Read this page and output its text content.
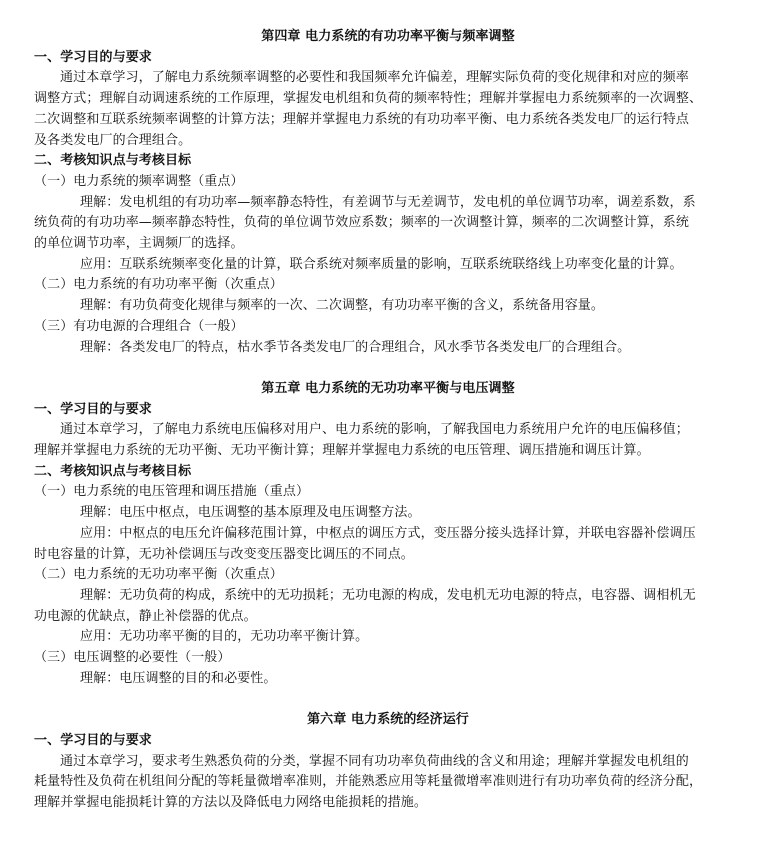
第四章 电力系统的有功功率平衡与频率调整
一、学习目的与要求
通过本章学习，了解电力系统频率调整的必要性和我国频率允许偏差，理解实际负荷的变化规律和对应的频率
调整方式；理解自动调速系统的工作原理，掌握发电机组和负荷的频率特性；理解并掌握电力系统频率的一次调整、
二次调整和互联系统频率调整的计算方法；理解并掌握电力系统的有功功率平衡、电力系统各类发电厂的运行特点
及各类发电厂的合理组合。
二、考核知识点与考核目标
（一）电力系统的频率调整（重点）
理解：发电机组的有功功率—频率静态特性，有差调节与无差调节，发电机的单位调节功率，调差系数，系
统负荷的有功功率—频率静态特性，负荷的单位调节效应系数；频率的一次调整计算，频率的二次调整计算，系统
的单位调节功率，主调频厂的选择。
应用：互联系统频率变化量的计算，联合系统对频率质量的影响，互联系统联络线上功率变化量的计算。
（二）电力系统的有功功率平衡（次重点）
理解：有功负荷变化规律与频率的一次、二次调整，有功功率平衡的含义，系统备用容量。
（三）有功电源的合理组合（一般）
理解：各类发电厂的特点，枯水季节各类发电厂的合理组合，风水季节各类发电厂的合理组合。
第五章 电力系统的无功功率平衡与电压调整
一、学习目的与要求
通过本章学习，了解电力系统电压偏移对用户、电力系统的影响，了解我国电力系统用户允许的电压偏移值；
理解并掌握电力系统的无功平衡、无功平衡计算；理解并掌握电力系统的电压管理、调压措施和调压计算。
二、考核知识点与考核目标
（一）电力系统的电压管理和调压措施（重点）
理解：电压中枢点，电压调整的基本原理及电压调整方法。
应用：中枢点的电压允许偏移范围计算，中枢点的调压方式，变压器分接头选择计算，并联电容器补偿调压
时电容量的计算，无功补偿调压与改变变压器变比调压的不同点。
（二）电力系统的无功功率平衡（次重点）
理解：无功负荷的构成，系统中的无功损耗；无功电源的构成，发电机无功电源的特点，电容器、调相机无
功电源的优缺点，静止补偿器的优点。
应用：无功功率平衡的目的，无功功率平衡计算。
（三）电压调整的必要性（一般）
理解：电压调整的目的和必要性。
第六章 电力系统的经济运行
一、学习目的与要求
通过本章学习，要求考生熟悉负荷的分类，掌握不同有功功率负荷曲线的含义和用途；理解并掌握发电机组的
耗量特性及负荷在机组间分配的等耗量微增率准则，并能熟悉应用等耗量微增率准则进行有功功率负荷的经济分配，
理解并掌握电能损耗计算的方法以及降低电力网络电能损耗的措施。
